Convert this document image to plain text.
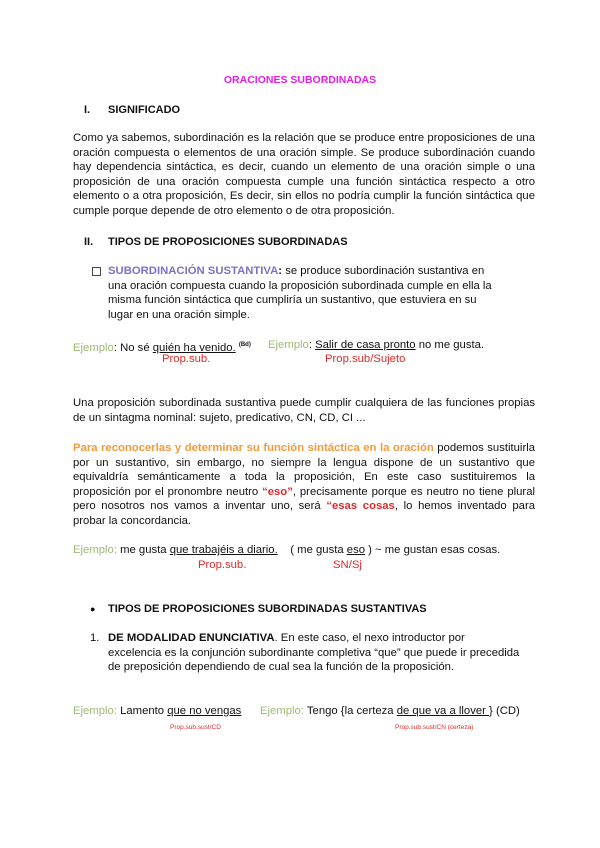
ORACIONES SUBORDINADAS
I. SIGNIFICADO
Como ya sabemos, subordinación es la relación que se produce entre proposiciones de una oración compuesta o elementos de una oración simple. Se produce subordinación cuando hay dependencia sintáctica, es decir, cuando un elemento de una oración simple o una proposición de una oración compuesta cumple una función sintáctica respecto a otro elemento o a otra proposición, Es decir, sin ellos no podría cumplir la función sintáctica que cumple porque depende de otro elemento o de otra proposición.
II. TIPOS DE PROPOSICIONES SUBORDINADAS
SUBORDINACIÓN SUSTANTIVA: se produce subordinación sustantiva en una oración compuesta cuando la proposición subordinada cumple en ella la misma función sintáctica que cumpliría un sustantivo, que estuviera en su lugar en una oración simple.
Ejemplo: No sé quién ha venido. $^{(Bd)}$
Prop.sub.
Ejemplo: Salir de casa pronto no me gusta.
Prop.sub/Sujeto
Una proposición subordinada sustantiva puede cumplir cualquiera de las funciones propias de un sintagma nominal: sujeto, predicativo, CN, CD, CI ...
Para reconocerlas y determinar su función sintáctica en la oración podemos sustituirla por un sustantivo, sin embargo, no siempre la lengua dispone de un sustantivo que equivaldría semánticamente a toda la proposición, En este caso sustituiremos la proposición por el pronombre neutro “eso”, precisamente porque es neutro no tiene plural pero nosotros nos vamos a inventar uno, será “esas cosas, lo hemos inventado para probar la concordancia.
Ejemplo: me gusta que trabajéis a diario.    ( me gusta eso ) ~ me gustan esas cosas.
Prop.sub.	SN/Sj
● TIPOS DE PROPOSICIONES SUBORDINADAS SUSTANTIVAS
1. DE MODALIDAD ENUNCIATIVA. En este caso, el nexo introductor por excelencia es la conjunción subordinante completiva “que” que puede ir precedida de preposición dependiendo de cual sea la función de la proposición.
Ejemplo: Lamento que no vengas
Prop.sub.sust/CD
Ejemplo: Tengo {la certeza de que va a llover } (CD)
Prop.sub.sust/CN (certeza)
